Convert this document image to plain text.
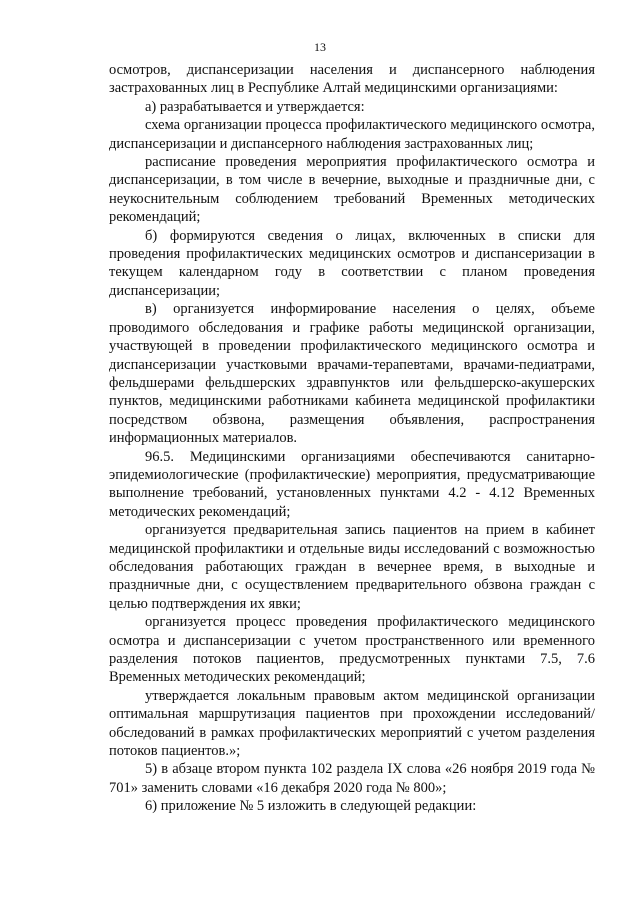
13

осмотров, диспансеризации населения и диспансерного наблюдения застрахованных лиц в Республике Алтай медицинскими организациями:

а) разрабатывается и утверждается:

схема организации процесса профилактического медицинского осмотра, диспансеризации и диспансерного наблюдения застрахованных лиц;

расписание проведения мероприятия профилактического осмотра и диспансеризации, в том числе в вечерние, выходные и праздничные дни, с неукоснительным соблюдением требований Временных методических рекомендаций;

б) формируются сведения о лицах, включенных в списки для проведения профилактических медицинских осмотров и диспансеризации в текущем календарном году в соответствии с планом проведения диспансеризации;

в) организуется информирование населения о целях, объеме проводимого обследования и графике работы медицинской организации, участвующей в проведении профилактического медицинского осмотра и диспансеризации участковыми врачами-терапевтами, врачами-педиатрами, фельдшерами фельдшерских здравпунктов или фельдшерско-акушерских пунктов, медицинскими работниками кабинета медицинской профилактики посредством обзвона, размещения объявления, распространения информационных материалов.

96.5. Медицинскими организациями обеспечиваются санитарно-эпидемиологические (профилактические) мероприятия, предусматривающие выполнение требований, установленных пунктами 4.2 - 4.12 Временных методических рекомендаций;

организуется предварительная запись пациентов на прием в кабинет медицинской профилактики и отдельные виды исследований с возможностью обследования работающих граждан в вечернее время, в выходные и праздничные дни, с осуществлением предварительного обзвона граждан с целью подтверждения их явки;

организуется процесс проведения профилактического медицинского осмотра и диспансеризации с учетом пространственного или временного разделения потоков пациентов, предусмотренных пунктами 7.5, 7.6 Временных методических рекомендаций;

утверждается локальным правовым актом медицинской организации оптимальная маршрутизация пациентов при прохождении исследований/обследований в рамках профилактических мероприятий с учетом разделения потоков пациентов.»;

5) в абзаце втором пункта 102 раздела IX слова «26 ноября 2019 года № 701» заменить словами «16 декабря 2020 года № 800»;

6) приложение № 5 изложить в следующей редакции:
